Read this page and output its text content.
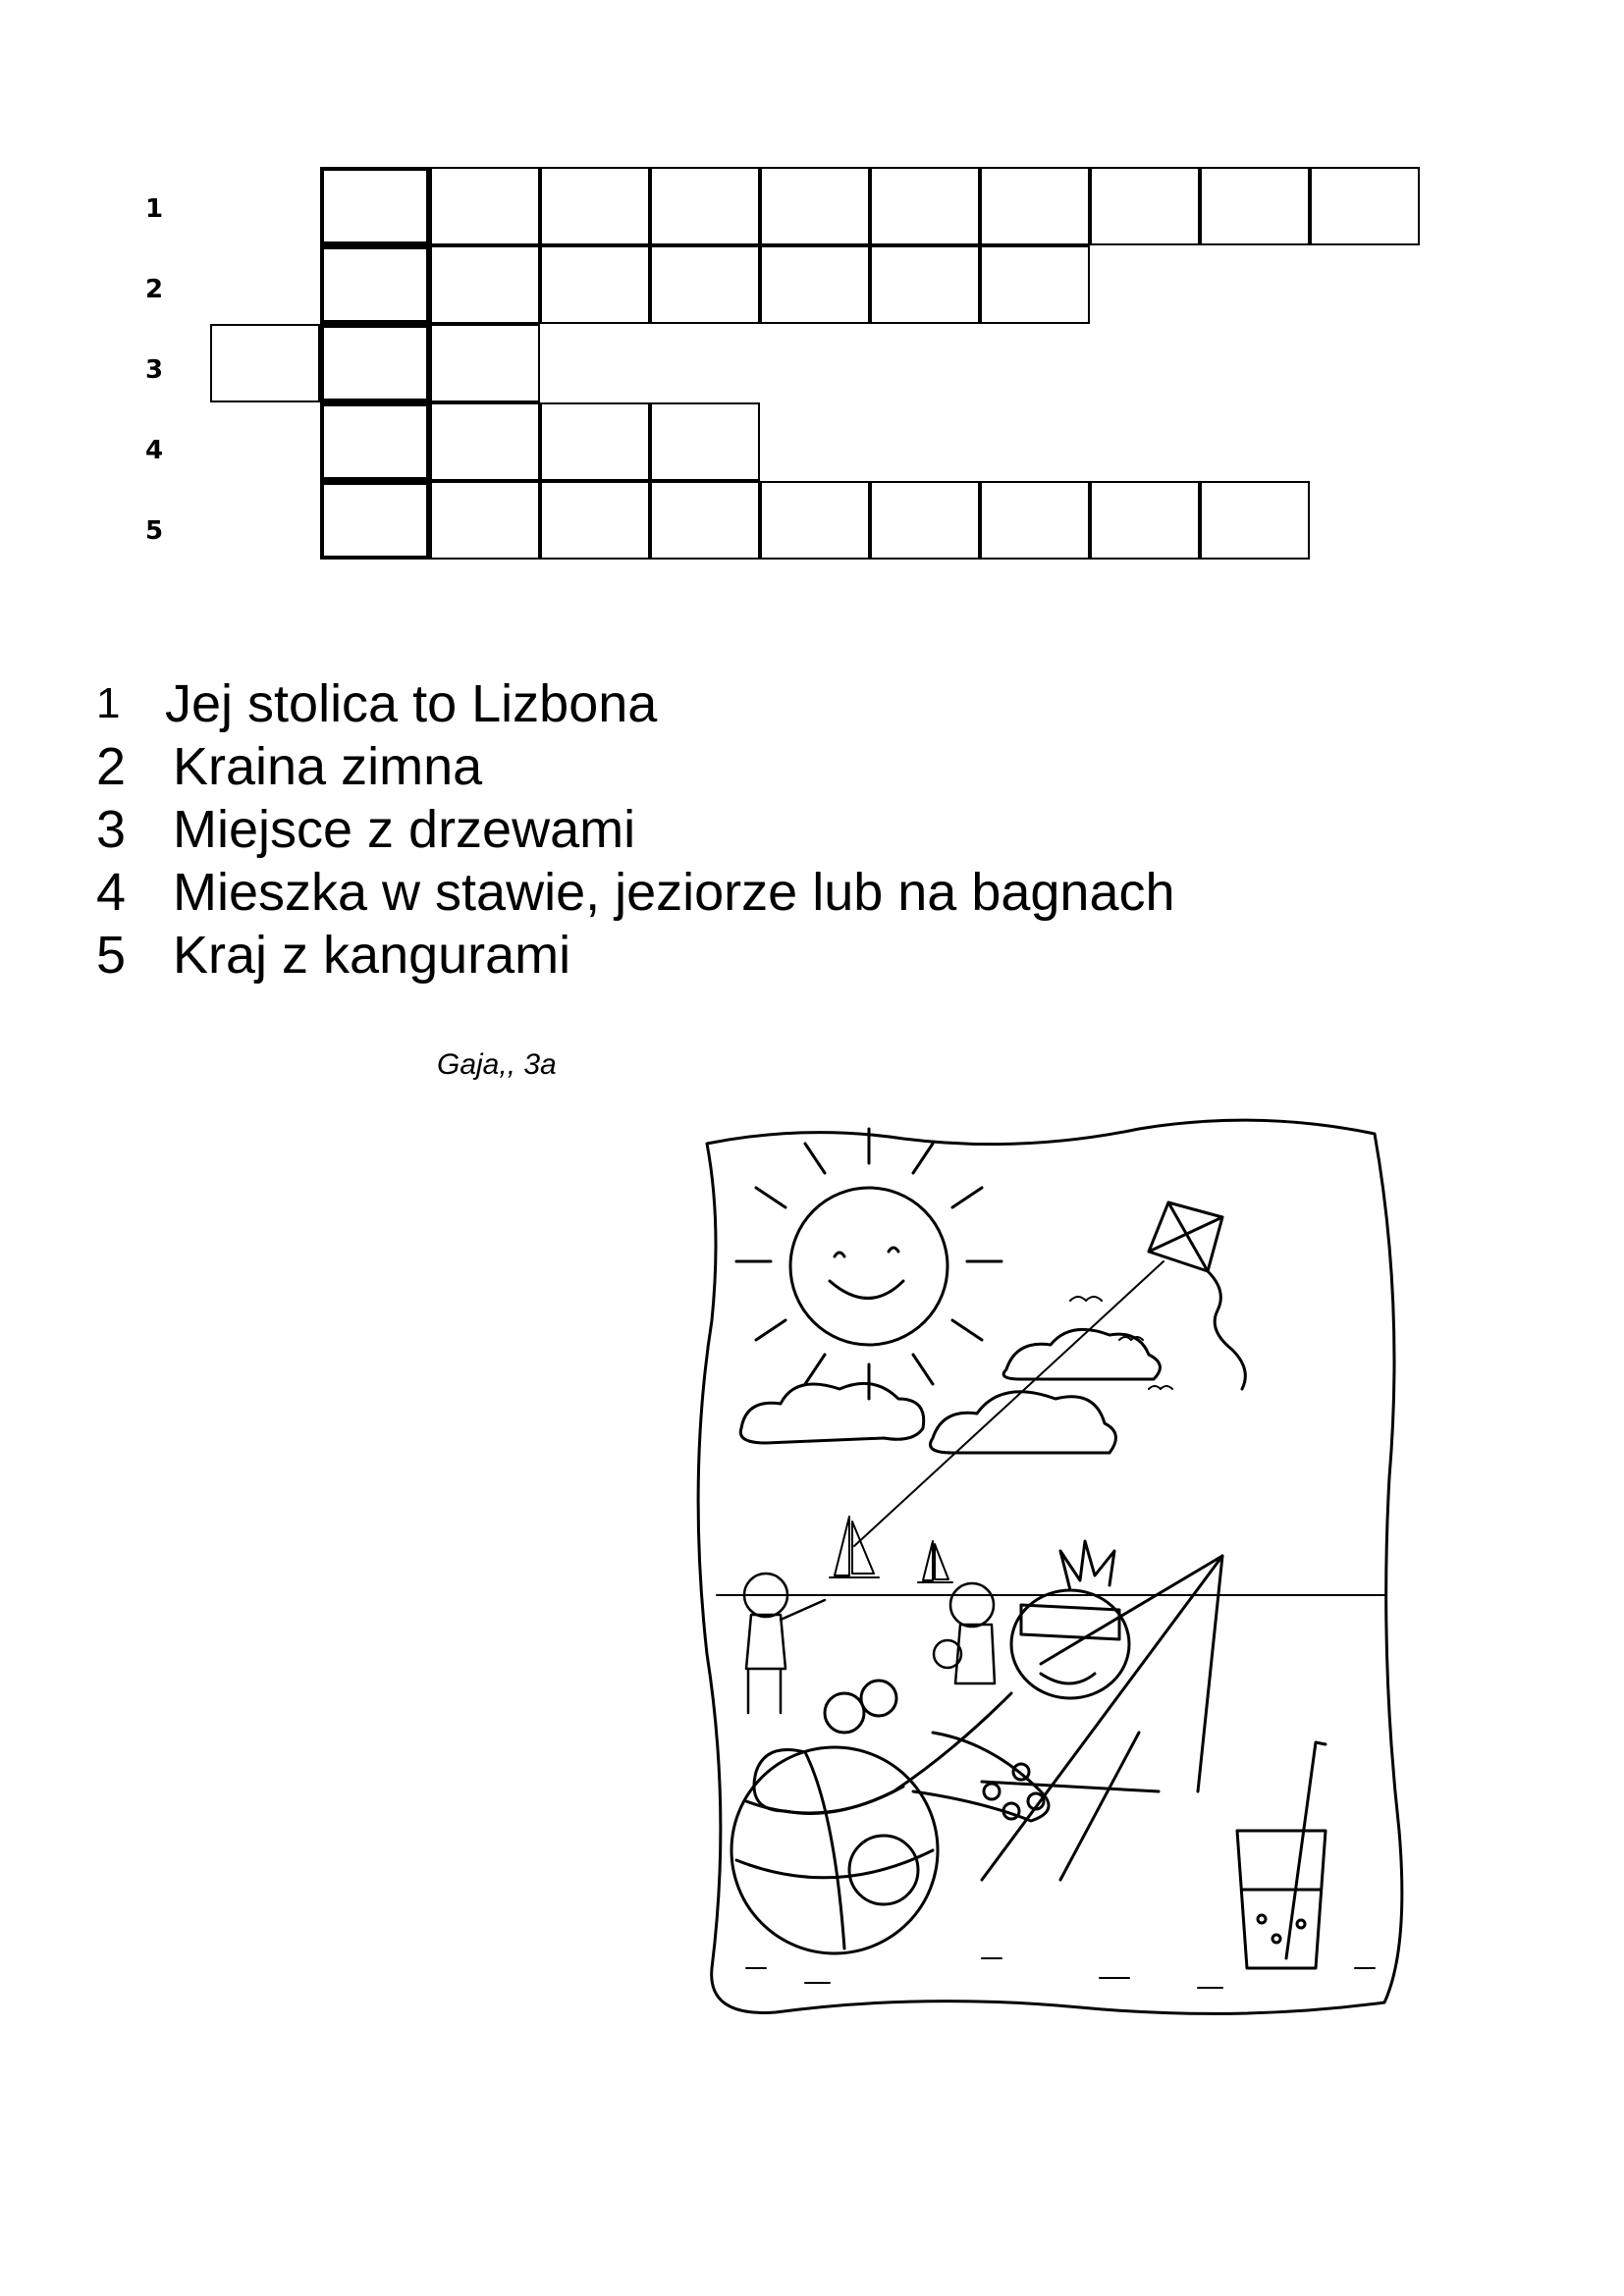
1
2
3
4
5
1 Jej stolica to Lizbona
2 Kraina zimna
3 Miejsce z drzewami
4 Mieszka w stawie, jeziorze lub na bagnach
5 Kraj z kangurami
Gaja,, 3a
